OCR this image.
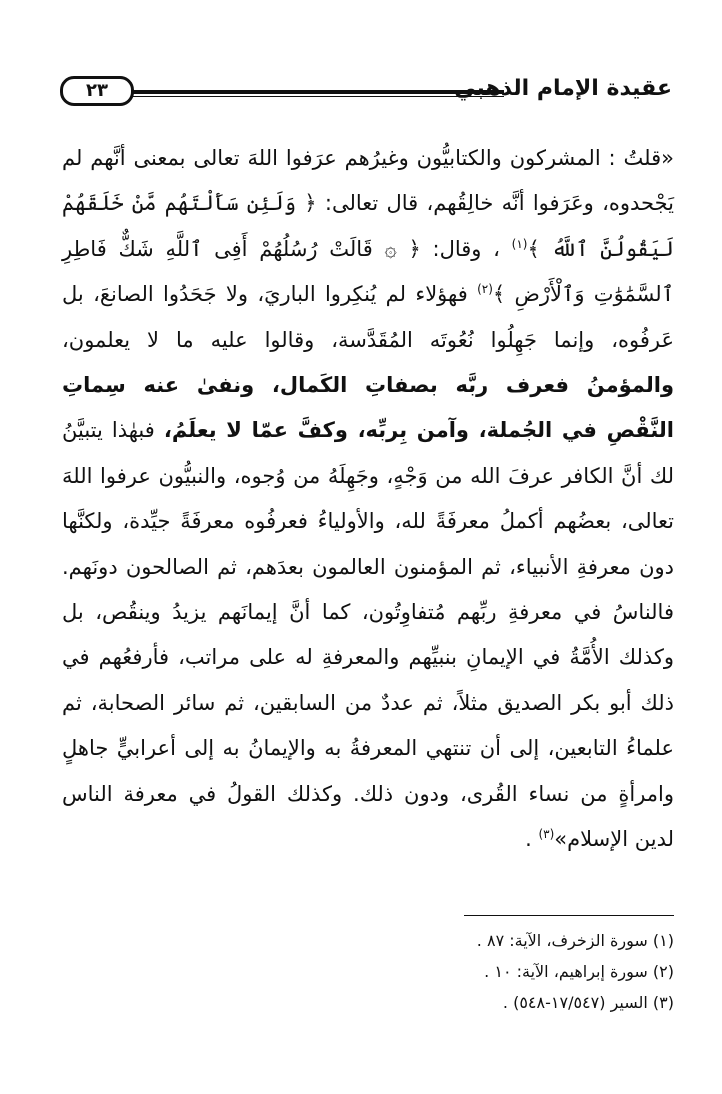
عقيدة الإمام الذهبي
٢٣

«قلتُ : المشركون والكتابيُّون وغيرُهم عرَفوا اللهَ تعالى بمعنى أنَّهم لم يَجْحدوه، وعَرَفوا أنَّه خالِقُهم، قال تعالى: ﴿ وَلَئِن سَأَلْتَهُم مَّنْ خَلَقَهُمْ لَيَقُولُنَّ ٱللَّهُ ﴾$^{(١)}$ ، وقال: ﴿ ۞ قَالَتْ رُسُلُهُمْ أَفِى ٱللَّهِ شَكٌّ فَاطِرِ ٱلسَّمَٰوَٰتِ وَٱلْأَرْضِ ﴾$^{(٢)}$ فهؤلاء لم يُنكِروا الباريَ، ولا جَحَدُوا الصانعَ، بل عَرفُوه، وإنما جَهِلُوا نُعُوتَه المُقَدَّسة، وقالوا عليه ما لا يعلمون، والمؤمنُ فعرف ربَّه بصفاتِ الكَمال، ونفىٰ عنه سِماتِ النَّقْصِ في الجُملة، وآمن بِربِّه، وكفَّ عمّا لا يعلَمُ، فبهٰذا يتبيَّنُ لك أنَّ الكافر عرفَ الله من وَجْهٍ، وجَهِلَهُ من وُجوه، والنبيُّون عرفوا اللهَ تعالى، بعضُهم أكملُ معرفَةً لله، والأولياءُ فعرفُوه معرفَةً جيِّدة، ولكنَّها دون معرفةِ الأنبياء، ثم المؤمنون العالمون بعدَهم، ثم الصالحون دونَهم. فالناسُ في معرفةِ ربِّهم مُتفاوِتُون، كما أنَّ إيمانَهم يزيدُ وينقُص، بل وكذلك الأُمَّةُ في الإيمانِ بنبيِّهم والمعرفةِ له على مراتب، فأرفعُهم في ذلك أبو بكر الصديق مثلاً، ثم عددٌ من السابقين، ثم سائر الصحابة، ثم علماءُ التابعين، إلى أن تنتهي المعرفةُ به والإيمانُ به إلى أعرابيٍّ جاهلٍ وامرأةٍ من نساء القُرى، ودون ذلك. وكذلك القولُ في معرفة الناس لدين الإسلام»$^{(٣)}$ .

(١) سورة الزخرف، الآية: ٨٧ .
(٢) سورة إبراهيم، الآية: ١٠ .
(٣) السير (١٧/٥٤٧-٥٤٨) .
